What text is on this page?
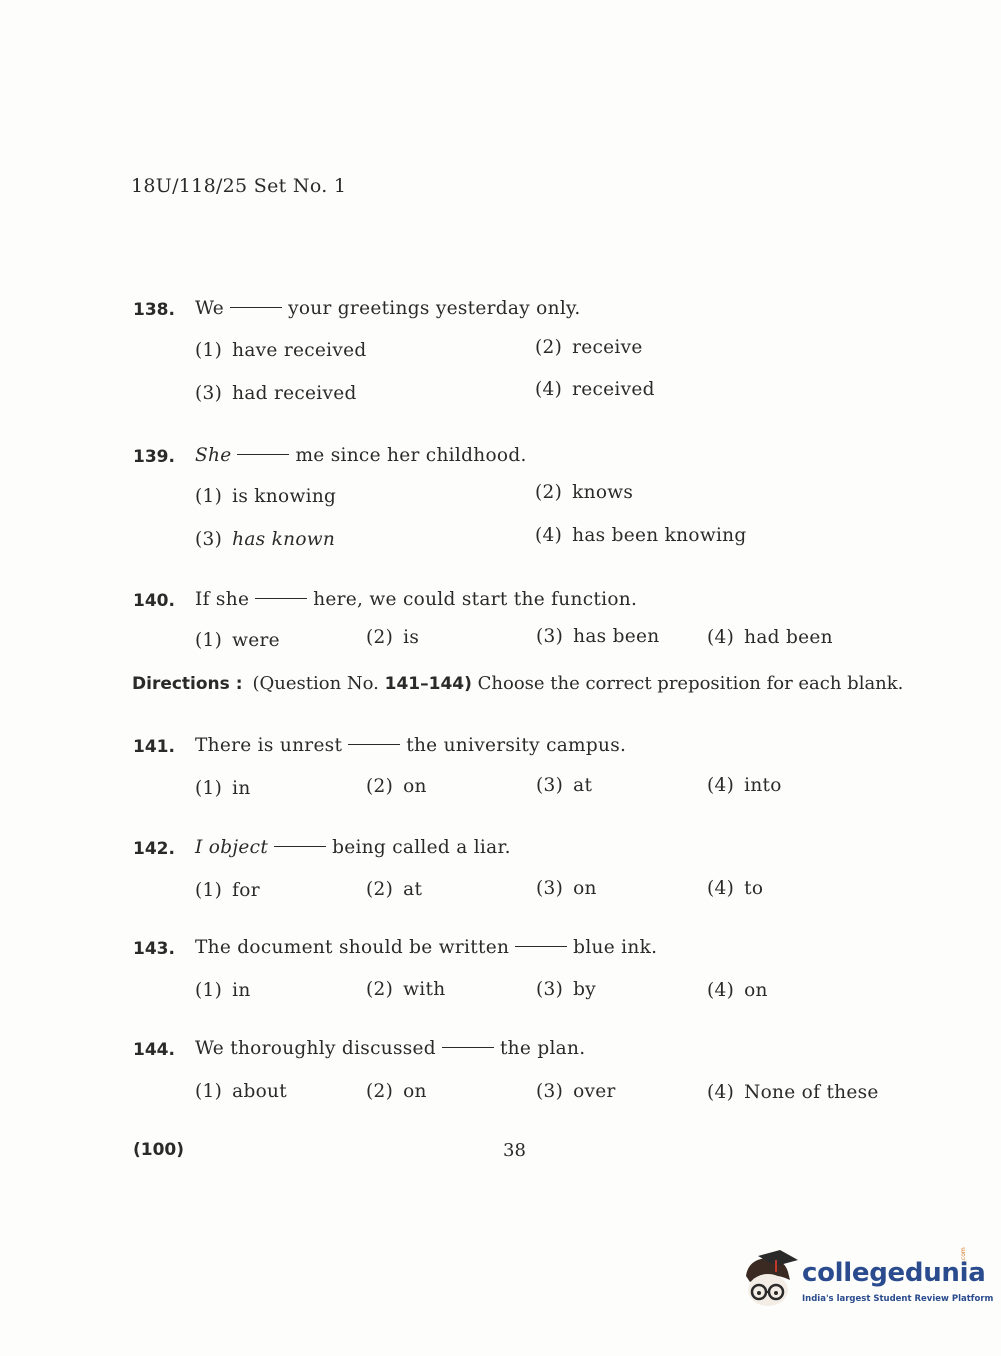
18U/118/25 Set No. 1
138. We	your greetings yesterday only.
(1) have received	(2) receive
(3) had received	(4) received
139. She	me since her childhood.
(1) is knowing	(2) knows
(3) has known	(4) has been knowing
140. If she	here, we could start the function.
(1) were	(2) is	(3) has been	(4) had been
Directions : (Question No. 141–144) Choose the correct preposition for each blank.
141. There is unrest	the university campus.
(1) in	(2) on	(3) at	(4) into
142. I object	being called a liar.
(1) for	(2) at	(3) on	(4) to
143. The document should be written	blue ink.
(1) in	(2) with	(3) by	(4) on
144. We thoroughly discussed	the plan.
(1) about	(2) on	(3) over	(4) None of these
(100)	38
collegedunia
.com
India's largest Student Review Platform
